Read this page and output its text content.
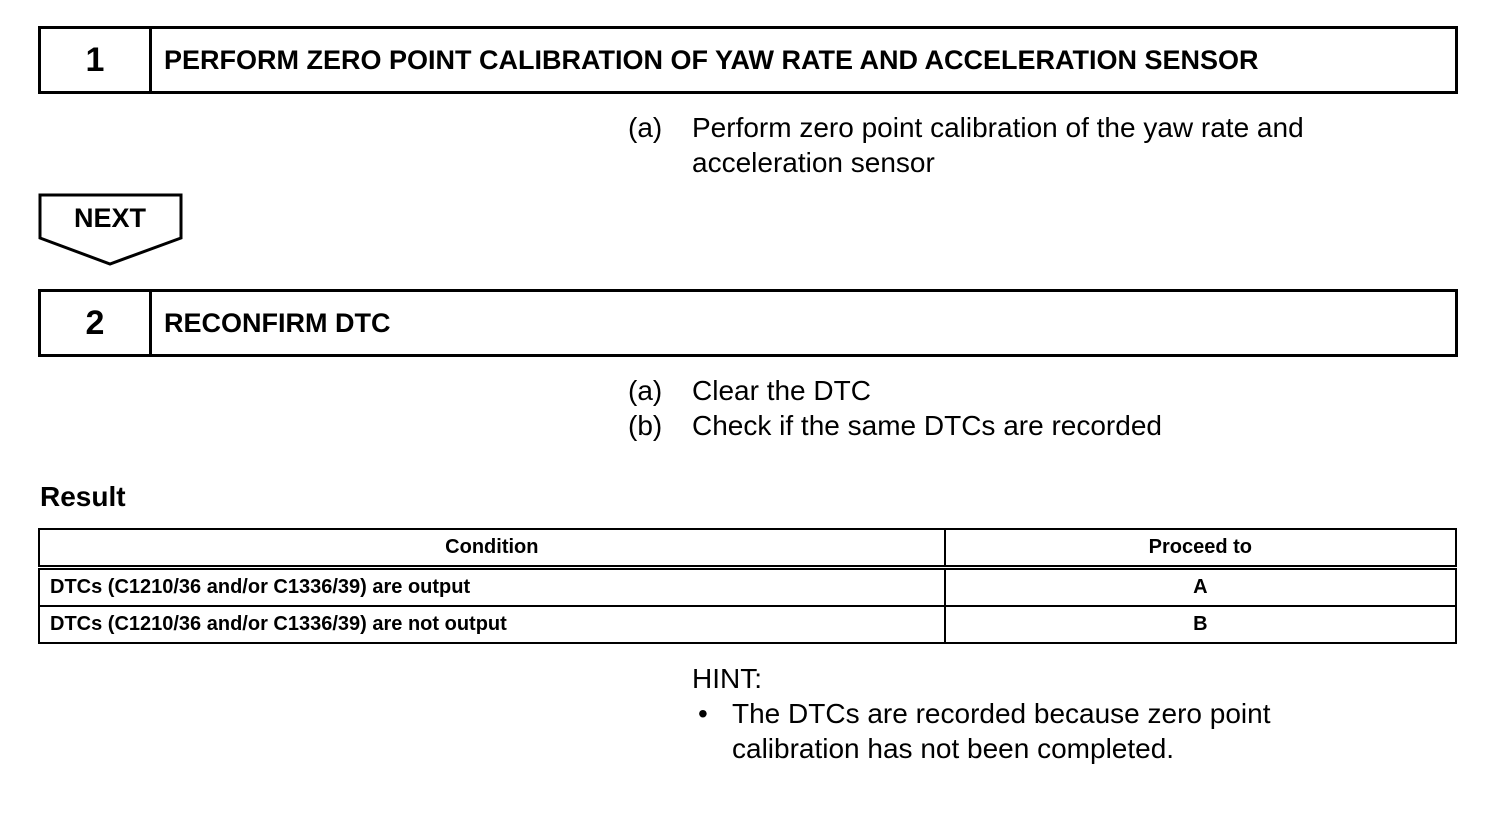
1	PERFORM ZERO POINT CALIBRATION OF YAW RATE AND ACCELERATION SENSOR
(a)	Perform zero point calibration of the yaw rate and acceleration sensor
NEXT
2	RECONFIRM DTC
(a)	Clear the DTC
(b)	Check if the same DTCs are recorded
Result
Condition	Proceed to
DTCs (C1210/36 and/or C1336/39) are output	A
DTCs (C1210/36 and/or C1336/39) are not output	B
HINT:
• The DTCs are recorded because zero point calibration has not been completed.
